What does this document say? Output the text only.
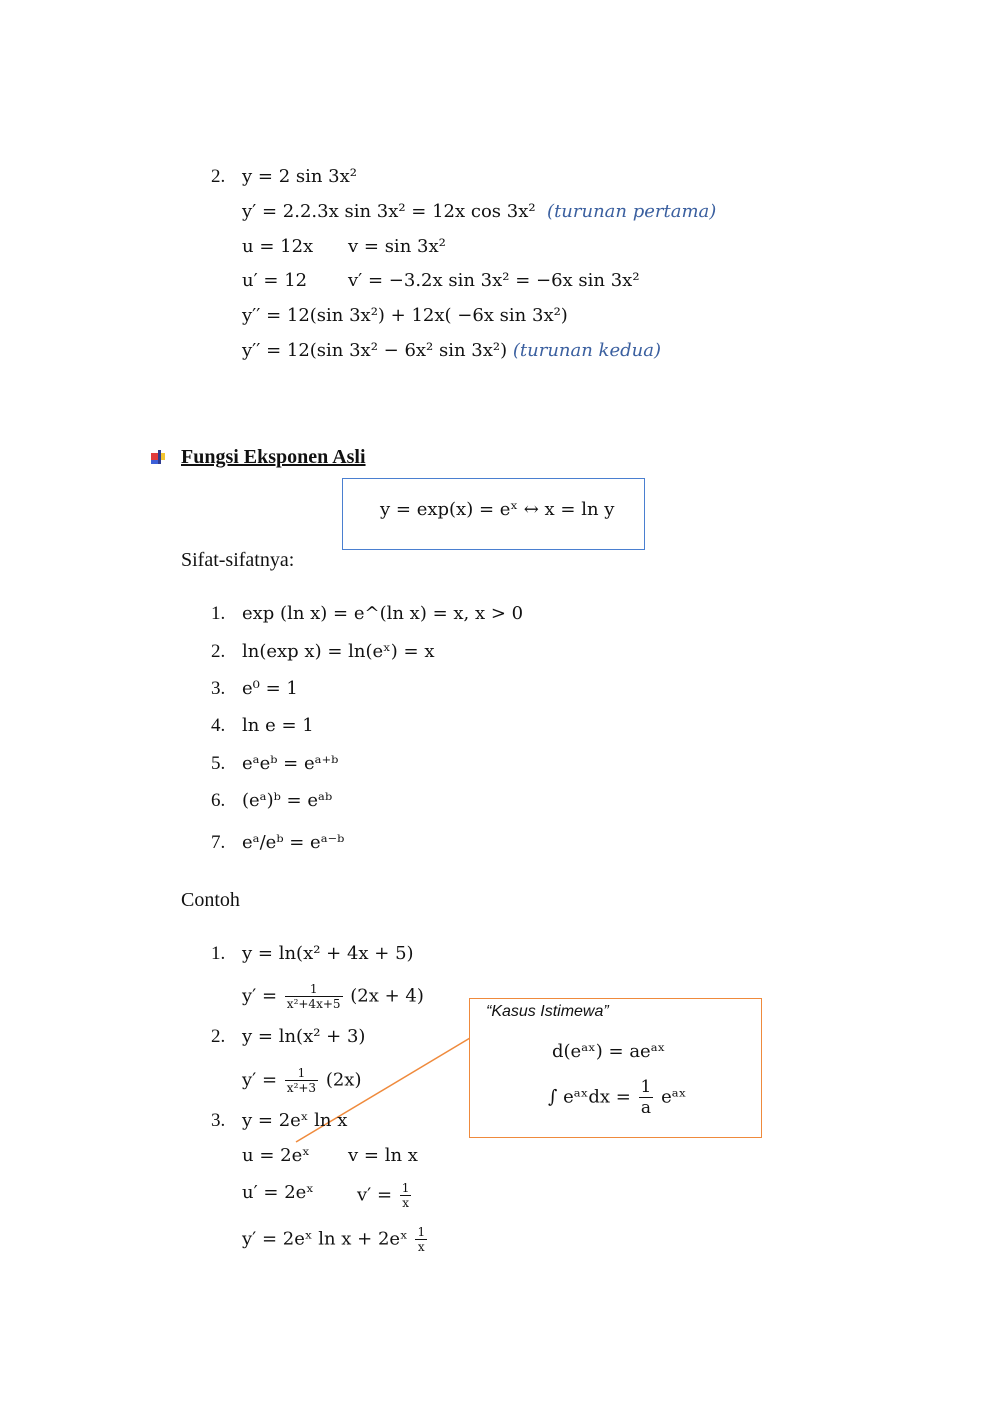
2. y = 2 sin 3x²
y′ = 2.2.3x sin 3x² = 12x cos 3x² (turunan pertama)
u = 12x v = sin 3x²
u′ = 12 v′ = −3.2x sin 3x² = −6x sin 3x²
y′′ = 12(sin 3x²) + 12x( −6x sin 3x²)
y′′ = 12(sin 3x² − 6x² sin 3x²) (turunan kedua)
Fungsi Eksponen Asli
y = exp(x) = eˣ ↔ x = ln y
Sifat-sifatnya:
1. exp (ln x) = e^(ln x) = x, x > 0
2. ln(exp x) = ln(eˣ) = x
3. e⁰ = 1
4. ln e = 1
5. eᵃeᵇ = eᵃ⁺ᵇ
6. (eᵃ)ᵇ = eᵃᵇ
7. eᵃ/eᵇ = eᵃ⁻ᵇ
Contoh
1. y = ln(x² + 4x + 5)
$y' = \frac{1}{\text{x²+4x+5}} (2x + 4)$
2. y = ln(x² + 3)
$y' = \frac{1}{\text{x²+3}} (2x)$
3. y = 2eˣ ln x
u = 2eˣ v = ln x
u′ = 2eˣ $v' = \frac{1}{x}$
y′ = 2eˣ ln x + 2eˣ $\frac{1}{x}$
“Kasus Istimewa”
d(eᵃˣ) = aeᵃˣ
∫ eᵃˣdx = $\frac{1}{a}$ eᵃˣ
